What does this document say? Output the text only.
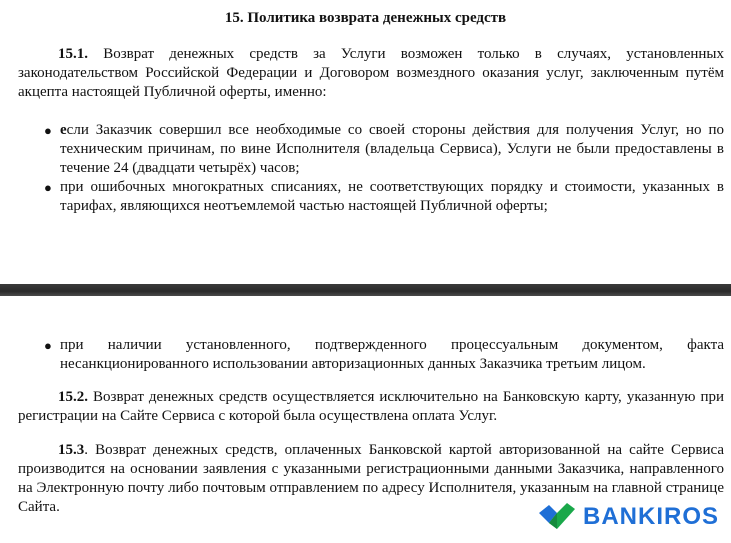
15. Политика возврата денежных средств

15.1. Возврат денежных средств за Услуги возможен только в случаях, установленных законодательством Российской Федерации и Договором возмездного оказания услуг, заключенным путём акцепта настоящей Публичной оферты, именно:

● если Заказчик совершил все необходимые со своей стороны действия для получения Услуг, но по техническим причинам, по вине Исполнителя (владельца Сервиса), Услуги не были предоставлены в течение 24 (двадцати четырёх) часов;

● при ошибочных многократных списаниях, не соответствующих порядку и стоимости, указанных в тарифах, являющихся неотъемлемой частью настоящей Публичной оферты;

● при наличии установленного, подтвержденного процессуальным документом, факта несанкционированного использовании авторизационных данных Заказчика третьим лицом.

15.2. Возврат денежных средств осуществляется исключительно на Банковскую карту, указанную при регистрации на Сайте Сервиса с которой была осуществлена оплата Услуг.

15.3. Возврат денежных средств, оплаченных Банковской картой авторизованной на сайте Сервиса производится на основании заявления с указанными регистрационными данными Заказчика, направленного на Электронную почту либо почтовым отправлением по адресу Исполнителя, указанным на главной странице Сайта.	BANKIROS
